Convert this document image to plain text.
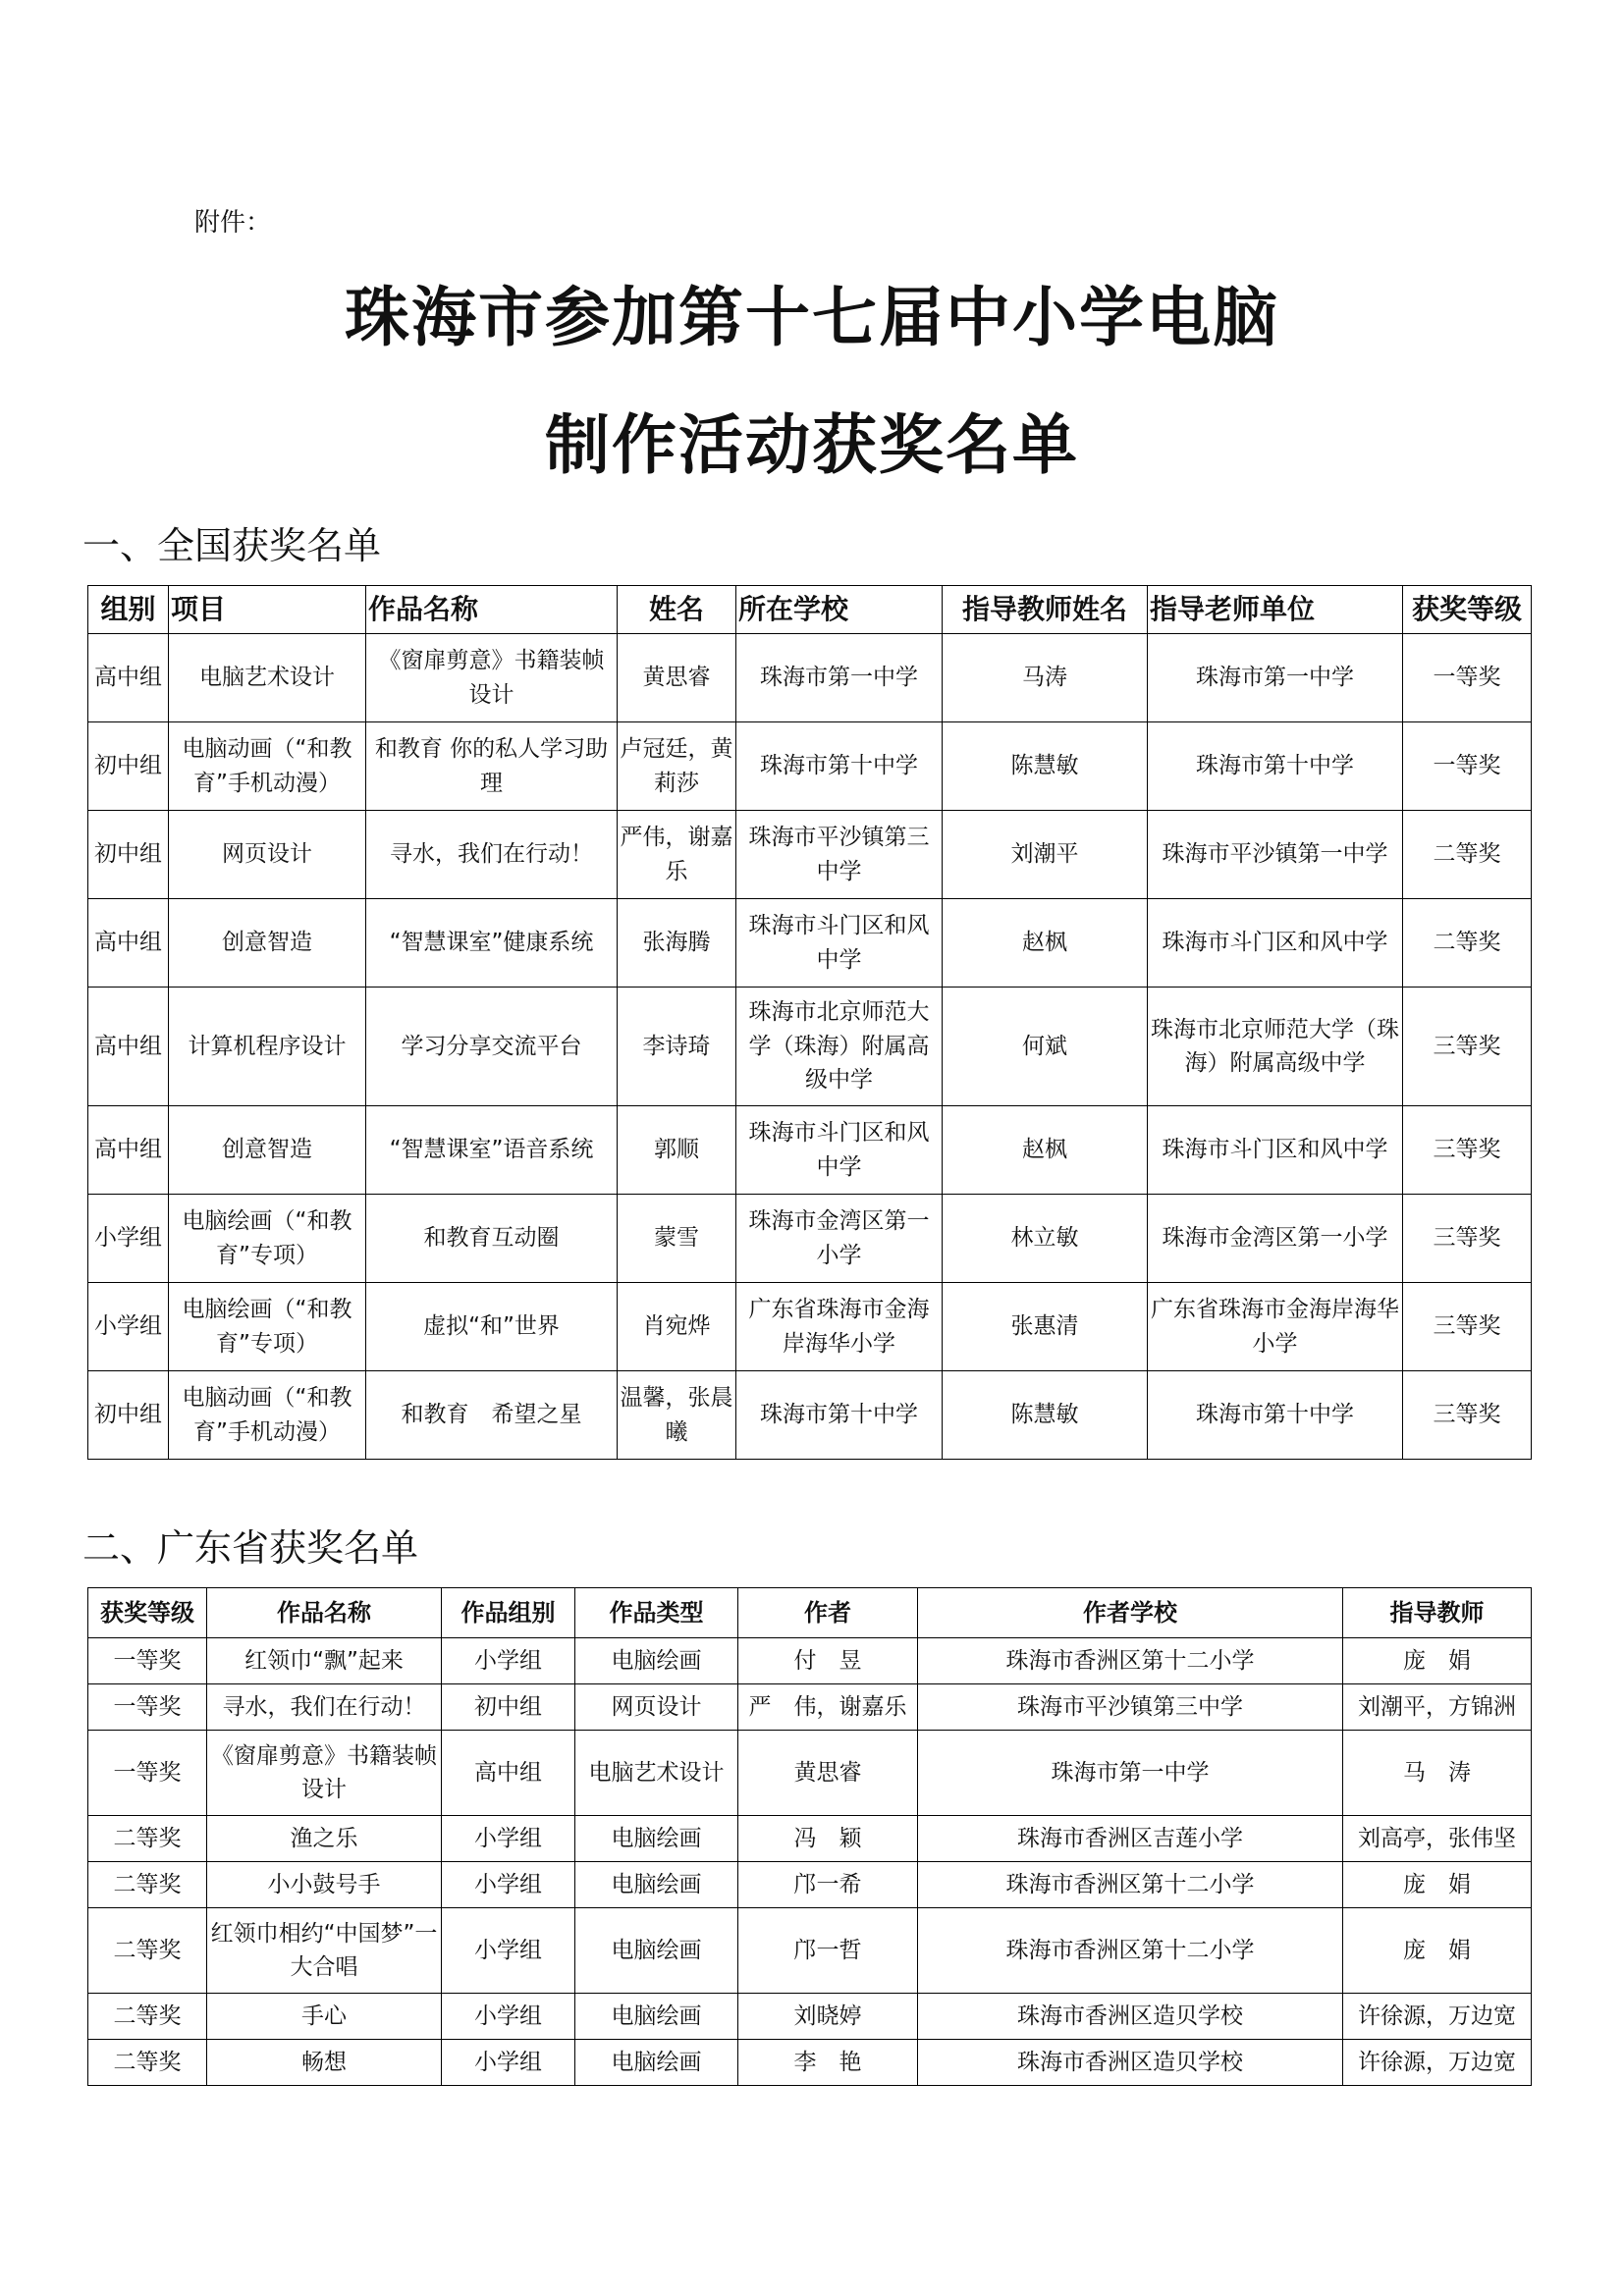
附件：
珠海市参加第十七届中小学电脑
制作活动获奖名单
一、全国获奖名单
组别	项目	作品名称	姓名	所在学校	指导教师姓名	指导老师单位	获奖等级
高中组	电脑艺术设计	《窗扉剪意》书籍装帧设计	黄思睿	珠海市第一中学	马涛	珠海市第一中学	一等奖
初中组	电脑动画（“和教育”手机动漫）	和教育 你的私人学习助理	卢冠廷，黄莉莎	珠海市第十中学	陈慧敏	珠海市第十中学	一等奖
初中组	网页设计	寻水，我们在行动！	严伟，谢嘉乐	珠海市平沙镇第三中学	刘潮平	珠海市平沙镇第一中学	二等奖
高中组	创意智造	“智慧课室”健康系统	张海腾	珠海市斗门区和风中学	赵枫	珠海市斗门区和风中学	二等奖
高中组	计算机程序设计	学习分享交流平台	李诗琦	珠海市北京师范大学（珠海）附属高级中学	何斌	珠海市北京师范大学（珠海）附属高级中学	三等奖
高中组	创意智造	“智慧课室”语音系统	郭顺	珠海市斗门区和风中学	赵枫	珠海市斗门区和风中学	三等奖
小学组	电脑绘画（“和教育”专项）	和教育互动圈	蒙雪	珠海市金湾区第一小学	林立敏	珠海市金湾区第一小学	三等奖
小学组	电脑绘画（“和教育”专项）	虚拟“和”世界	肖宛烨	广东省珠海市金海岸海华小学	张惠清	广东省珠海市金海岸海华小学	三等奖
初中组	电脑动画（“和教育”手机动漫）	和教育　希望之星	温馨，张晨曦	珠海市第十中学	陈慧敏	珠海市第十中学	三等奖
二、广东省获奖名单
获奖等级	作品名称	作品组别	作品类型	作者	作者学校	指导教师
一等奖	红领巾“飘”起来	小学组	电脑绘画	付　昱	珠海市香洲区第十二小学	庞　娟
一等奖	寻水，我们在行动！	初中组	网页设计	严　伟，谢嘉乐	珠海市平沙镇第三中学	刘潮平，方锦洲
一等奖	《窗扉剪意》书籍装帧设计	高中组	电脑艺术设计	黄思睿	珠海市第一中学	马　涛
二等奖	渔之乐	小学组	电脑绘画	冯　颖	珠海市香洲区吉莲小学	刘高亭，张伟坚
二等奖	小小鼓号手	小学组	电脑绘画	邝一希	珠海市香洲区第十二小学	庞　娟
二等奖	红领巾相约“中国梦”一大合唱	小学组	电脑绘画	邝一哲	珠海市香洲区第十二小学	庞　娟
二等奖	手心	小学组	电脑绘画	刘晓婷	珠海市香洲区造贝学校	许徐源，万边宽
二等奖	畅想	小学组	电脑绘画	李　艳	珠海市香洲区造贝学校	许徐源，万边宽
